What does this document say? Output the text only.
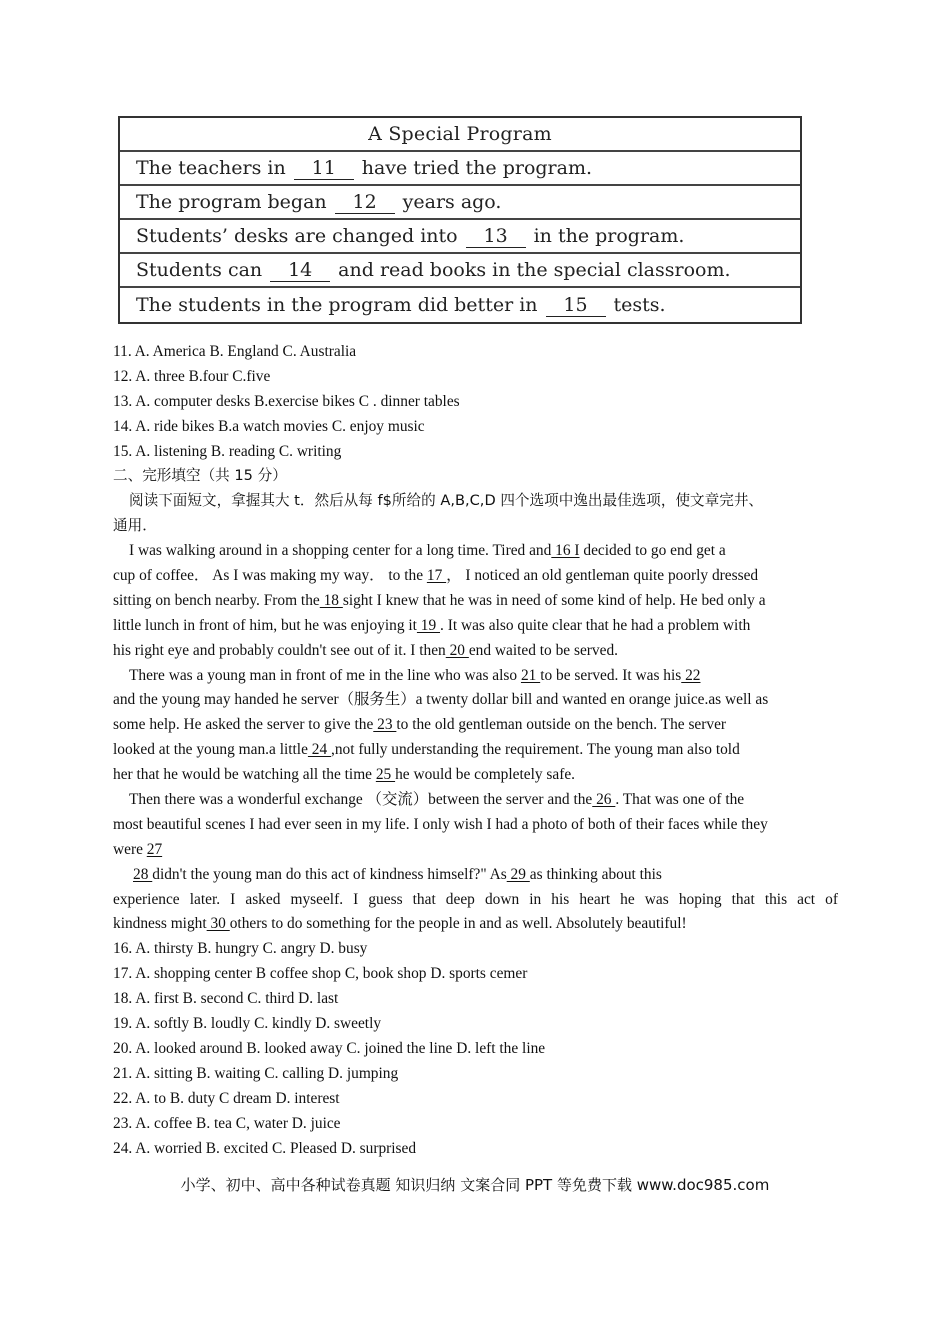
A Special Program
The teachers in	11	have tried the program.
The program began	12	years ago.
Students’ desks are changed into	13	in the program.
Students can	14	and read books in the special classroom.
The students in the program did better in	15	tests.
11. A. America B. England C. Australia
12. A. three B.four C.five
13. A. computer desks B.exercise bikes C . dinner tables
14. A. ride bikes B.a watch movies C. enjoy music
15. A. listening B. reading C. writing
二、完形填空（共 15 分）
阅读下面短文，拿握其大 t．然后从每 f$所给的 A,B,C,D 四个选项中逸出最佳选项，使文章完井、
通用．
I was walking around in a shopping center for a long time. Tired and 16 I decided to go end get a
cup of coffee． As I was making my way． to the 17 ， I noticed an old gentleman quite poorly dressed
sitting on bench nearby. From the 18 sight I knew that he was in need of some kind of help. He bed only a
little lunch in front of him, but he was enjoying it 19 . It was also quite clear that he had a problem with
his right eye and probably couldn't see out of it. I then 20 end waited to be served.
There was a young man in front of me in the line who was also 21 to be served. It was his 22
and the young may handed he server（服务生）a twenty dollar bill and wanted en orange juice.as well as
some help. He asked the server to give the 23 to the old gentleman outside on the bench. The server
looked at the young man.a little 24 ,not fully understanding the requirement. The young man also told
her that he would be watching all the time 25 he would be completely safe.
Then there was a wonderful exchange （交流）between the server and the 26 . That was one of the
most beautiful scenes I had ever seen in my life. I only wish I had a photo of both of their faces while they
were 27
28 didn't the young man do this act of kindness himself?" As 29 as thinking about this
experience later. I asked myseelf. I guess that deep down in his heart he was hoping that this act of
kindness might 30 others to do something for the people in and as well. Absolutely beautiful!
16. A. thirsty B. hungry C. angry D. busy
17. A. shopping center B coffee shop C, book shop D. sports cemer
18. A. first B. second C. third D. last
19. A. softly B. loudly C. kindly D. sweetly
20. A. looked around B. looked away C. joined the line D. left the line
21. A. sitting B. waiting C. calling D. jumping
22. A. to B. duty C dream D. interest
23. A. coffee B. tea C, water D. juice
24. A. worried B. excited C. Pleased D. surprised
小学、初中、高中各种试卷真题 知识归纳 文案合同 PPT 等免费下载 www.doc985.com
